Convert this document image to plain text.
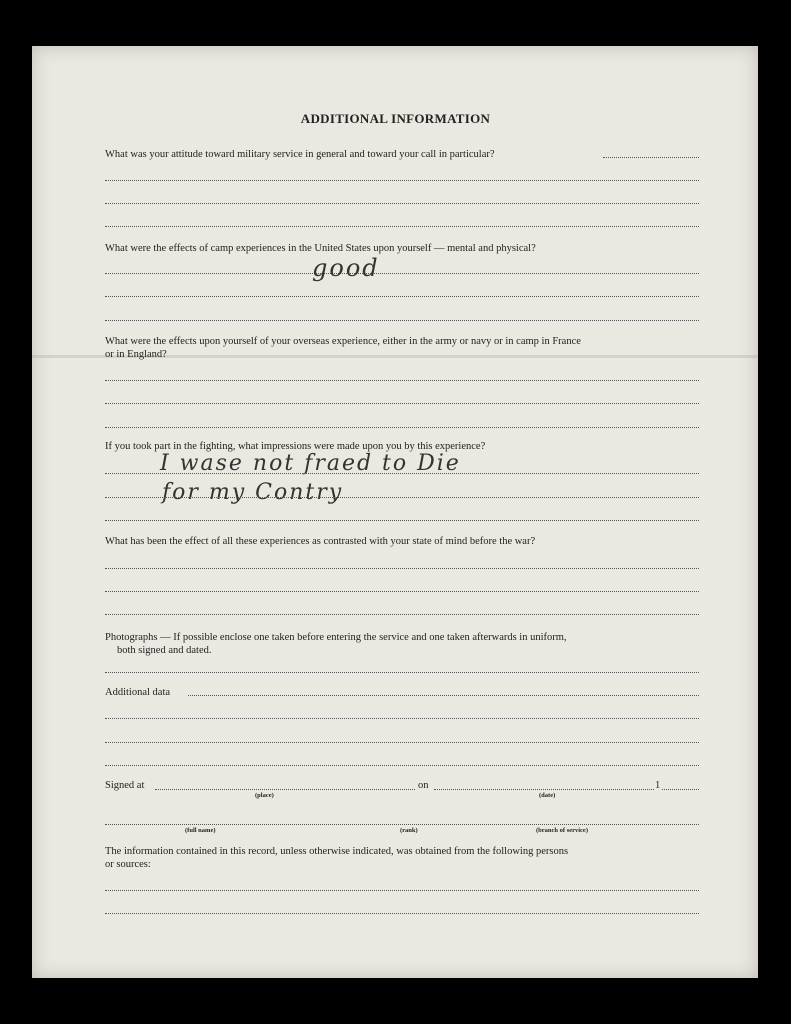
ADDITIONAL INFORMATION
What was your attitude toward military service in general and toward your call in particular?
What were the effects of camp experiences in the United States upon yourself — mental and physical?
good
What were the effects upon yourself of your overseas experience, either in the army or navy or in camp in France
or in England?
If you took part in the fighting, what impressions were made upon you by this experience?
I wase not fraed to Die
for my Contry
What has been the effect of all these experiences as contrasted with your state of mind before the war?
Photographs — If possible enclose one taken before entering the service and one taken afterwards in uniform,
both signed and dated.
Additional data
Signed at	on	1
(place)	(date)
(full name)	(rank)	(branch of service)
The information contained in this record, unless otherwise indicated, was obtained from the following persons
or sources:
